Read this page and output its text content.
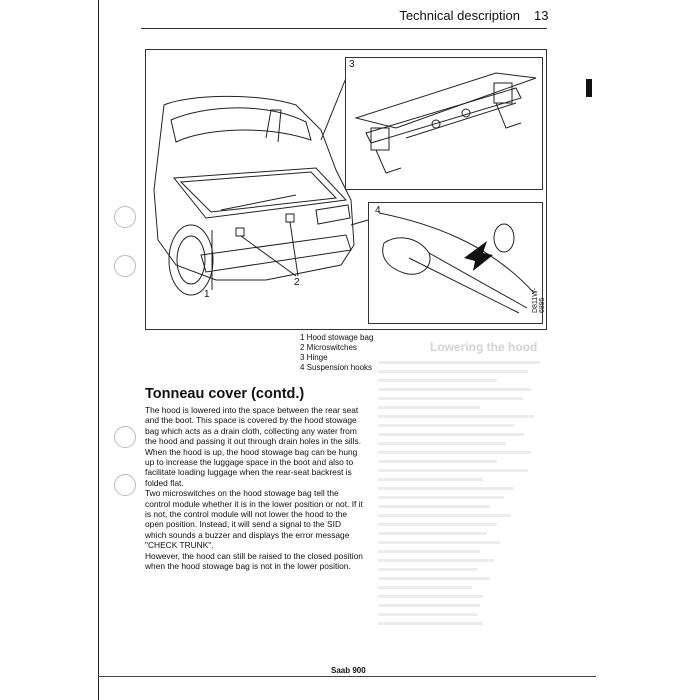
Technical description 13
Lowering the hood
1
2
3
4
D811W-6895
1 Hood stowage bag
2 Microswitches
3 Hinge
4 Suspension hooks
Tonneau cover (contd.)

The hood is lowered into the space between the rear seat and the boot. This space is covered by the hood stowage bag which acts as a drain cloth, collecting any water from the hood and passing it out through drain holes in the sills.

When the hood is up, the hood stowage bag can be hung up to increase the luggage space in the boot and also to facilitate loading luggage when the rear-seat backrest is folded flat.

Two microswitches on the hood stowage bag tell the control module whether it is in the lower position or not. If it is not, the control module will not lower the hood to the open position. Instead, it will send a signal to the SID which sounds a buzzer and displays the error message "CHECK TRUNK".

However, the hood can still be raised to the closed position when the hood stowage bag is not in the lower position.

Saab 900
